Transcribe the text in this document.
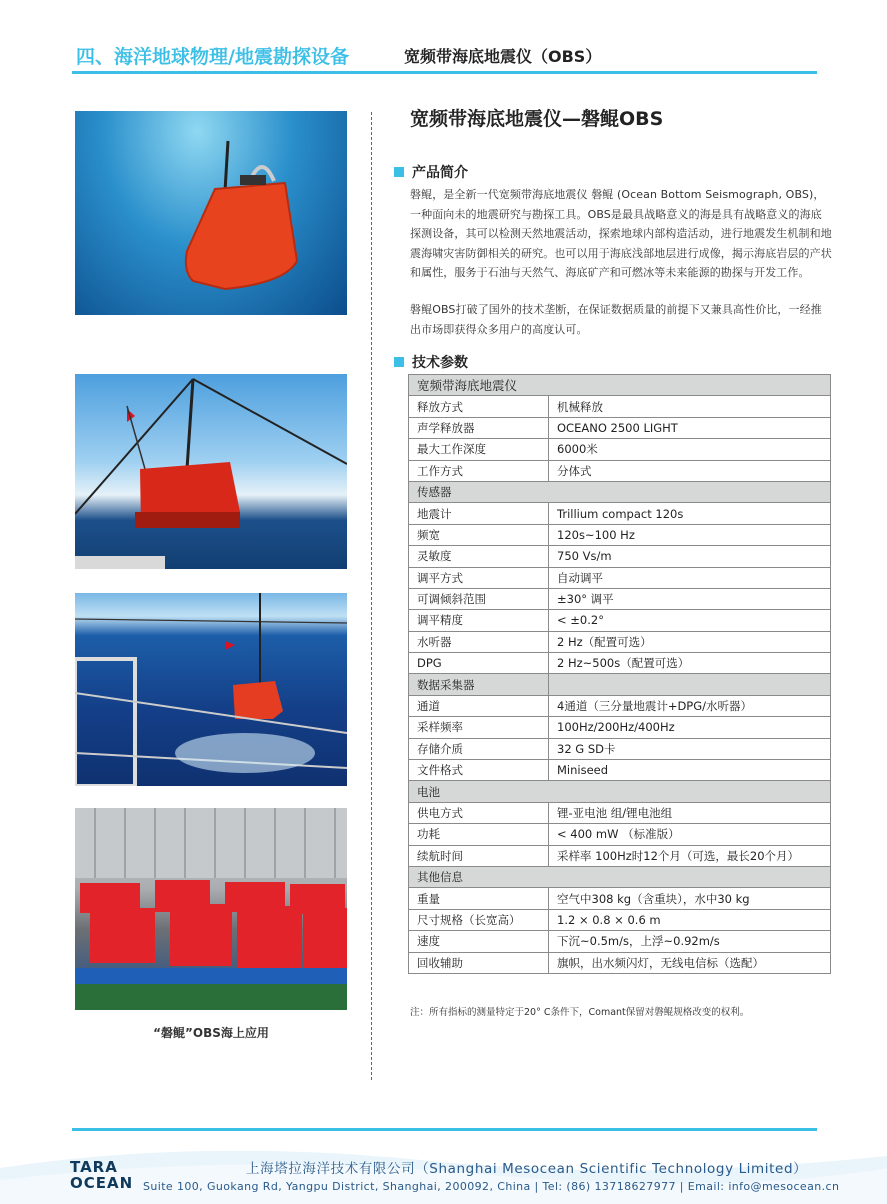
四、海洋地球物理/地震勘探设备	宽频带海底地震仪（OBS）
“磐鲲”OBS海上应用
宽频带海底地震仪—磐鲲OBS
产品简介
磐鲲，是全新一代宽频带海底地震仪 磐鲲 (Ocean Bottom Seismograph, OBS)，一种面向未的地震研究与勘探工具。OBS是最具战略意义的海是具有战略意义的海底探测设备，其可以检测天然地震活动，探索地球内部构造活动，进行地震发生机制和地震海啸灾害防御相关的研究。也可以用于海底浅部地层进行成像，揭示海底岩层的产状和属性，服务于石油与天然气、海底矿产和可燃冰等未来能源的勘探与开发工作。
磐鲲OBS打破了国外的技术垄断，在保证数据质量的前提下又兼具高性价比，一经推出市场即获得众多用户的高度认可。
技术参数
宽频带海底地震仪	
释放方式	机械释放
声学释放器	OCEANO 2500 LIGHT
最大工作深度	6000米
工作方式	分体式
传感器	
地震计	Trillium compact 120s
频宽	120s~100 Hz
灵敏度	750 Vs/m
调平方式	自动调平
可调倾斜范围	±30° 调平
调平精度	< ±0.2°
水听器	2 Hz（配置可选）
DPG	2 Hz~500s（配置可选）
数据采集器	
通道	4通道（三分量地震计+DPG/水听器）
采样频率	100Hz/200Hz/400Hz
存储介质	32 G SD卡
文件格式	Miniseed
电池	
供电方式	锂-亚电池 组/锂电池组
功耗	< 400 mW （标准版）
续航时间	采样率 100Hz时12个月（可选，最长20个月）
其他信息	
重量	空气中308 kg（含重块），水中30 kg
尺寸规格（长宽高）	1.2 × 0.8 × 0.6 m
速度	下沉~0.5m/s，上浮~0.92m/s
回收辅助	旗帜，出水频闪灯，无线电信标（选配）
注：所有指标的测量特定于20° C条件下，Comant保留对磐鲲规格改变的权利。
TARA
OCEAN
上海塔拉海洋技术有限公司（Shanghai Mesocean Scientific Technology Limited）
Suite 100, Guokang Rd, Yangpu District, Shanghai, 200092, China | Tel: (86) 13718627977 | Email: info@mesocean.cn
